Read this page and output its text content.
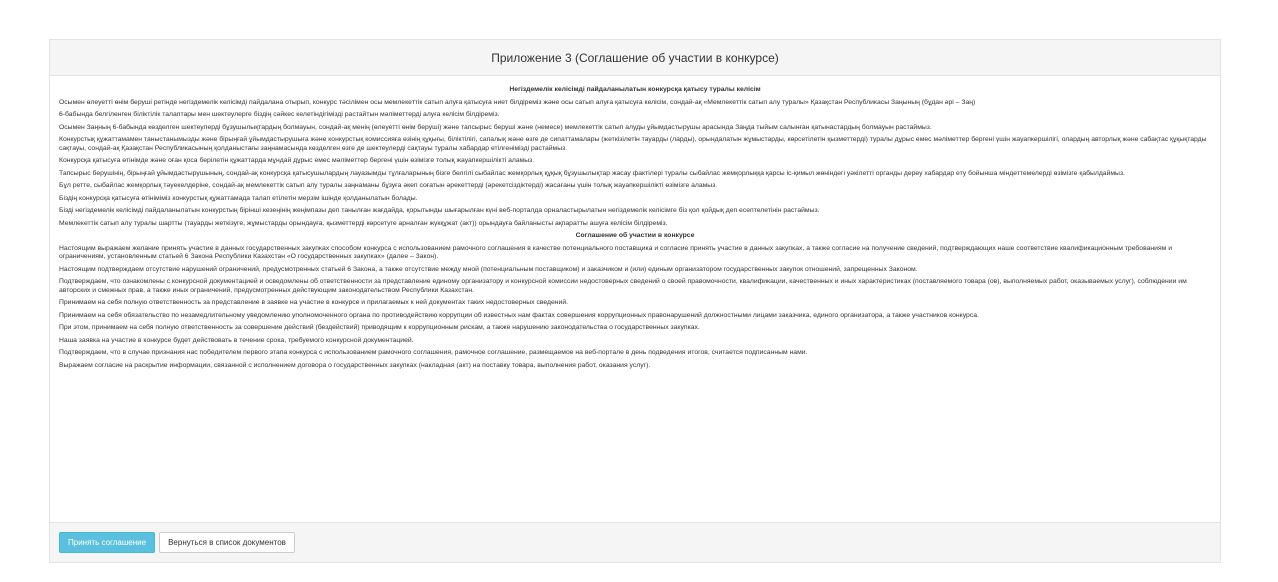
Приложение 3 (Соглашение об участии в конкурсе)
Негіздемелік келісімді пайдаланылатын конкурсқа қатысу туралы келісім
Осымен өлеуетті өнім беруші ретінде негіздемелік келісімді пайдалана отырып, конкурс тәсілімен осы мемлекеттік сатып алуға қатысуға ниет білдіреміз және осы сатып алуға қатысуға келісім, сондай-ақ «Мемлекеттік сатып алу туралы» Қазақстан Республикасы Заңының (бұдан әрі – Заң)
6-бабында белгіленген біліктілік талаптары мен шектеулерге біздің сәйкес келетіндігімізді растайтын мәліметтерді алуға келісім білдіреміз.
Осымен Заңның 6-бабында көзделген шектеулерді бұзушылықтардың болмауын, сондай-ақ менің (өлеуетті өнім берушi) және тапсырыс беруші және (немесе) мемлекеттік сатып алуды ұйымдастырушы арасында Заңда тыйым салынған қатынастардың болмауын растаймыз.
Конкурстық құжаттамамен таныстанымызды және бірыңғай ұйымдастырушыға және конкурстық комиссияға өзінің құқығы, біліктілігі, сапалық және өзге де сипаттамалары (жеткізілетін тауарды (ларды), орындалатын жұмыстарды, көрсетілетін қызметтерді) туралы дұрыс емес мәліметтер бергені үшін жауапкершілігі, олардың авторлық және сабақтас құқықтарды сақтауы, сондай-ақ Қазақстан Республикасының қолданыстағы заңнамасында көзделген өзге де шектеулерді сақтауы туралы хабардар етілгенімізді растаймыз.
Конкурсқа қатысуға өтінімде және оған қоса берілетін құжаттарда мұндай дұрыс емес мәліметтер бергені үшін өзімізге толық жауапкершілікті аламыз.
Тапсырыс берушінің, бірыңғай ұйымдастырушының, сондай-ақ конкурсқа қатысушылардың лауазымды тұлғаларының бізге белгілі сыбайлас жемқорлық құқық бұзушылықтар жасау фактілері туралы сыбайлас жемқорлыққа қарсы іс-қимыл жөніндегі уәкілетті органды дереу хабардар ету бойынша міндеттемелерді өзімізге қабылдаймыз.
Бұл ретте, сыбайлас жемқорлық тәуекелдеріне, сондай-ақ мемлекеттік сатып алу туралы заңнаманы бұзуға әкеп соғатын әрекеттерді (әрекетсіздіктерді) жасағаны үшін толық жауапкершілікті өзімізге аламыз.
Біздің конкурсқа қатысуға өтініміміз конкурстық құжаттамада талап етілетін мерзім ішінде қолданылатын болады.
Бізді негіздемелік келісімді пайдаланылатын конкурстың бірінші кезеңінің жеңімпазы деп танылған жағдайда, қорытынды шығарылған күні веб-порталда орналастырылатын негіздемелік келісімге біз қол қойдық деп есептелетінін растаймыз.
Мемлекеттік сатып алу туралы шартты (тауарды жеткізуге, жұмыстарды орындауға, қызметтерді көрсетуге арналған жүкқұжат (акт)) орындауға байланысты ақпаратты ашуға келісім білдіреміз.
Соглашение об участии в конкурсе
Настоящим выражаем желание принять участие в данных государственных закупках способом конкурса с использованием рамочного соглашения в качестве потенциального поставщика и согласие принять участие в данных закупках, а также согласие на получение сведений, подтверждающих наше соответствие квалификационным требованиям и ограничениям, установленным статьей 6 Закона Республики Казахстан «О государственных закупках» (далее – Закон).
Настоящим подтверждаем отсутствие нарушений ограничений, предусмотренных статьей 6 Закона, а также отсутствие между мной (потенциальным поставщиком) и заказчиком и (или) единым организатором государственных закупок отношений, запрещенных Законом.
Подтверждаем, что ознакомлены с конкурсной документацией и осведомлены об ответственности за представление единому организатору и конкурсной комиссии недостоверных сведений о своей правомочности, квалификации, качественных и иных характеристиках (поставляемого товара (ов), выполняемых работ, оказываемых услуг), соблюдении им авторских и смежных прав, а также иных ограничений, предусмотренных действующим законодательством Республики Казахстан.
Принимаем на себя полную ответственность за представление в заявке на участие в конкурсе и прилагаемых к ней документах таких недостоверных сведений.
Принимаем на себя обязательство по незамедлительному уведомлению уполномоченного органа по противодействию коррупции об известных нам фактах совершения коррупционных правонарушений должностными лицами заказчика, единого организатора, а также участников конкурса.
При этом, принимаем на себя полную ответственность за совершение действий (бездействий) приводящим к коррупционным рискам, а также нарушению законодательства о государственных закупках.
Наша заявка на участие в конкурсе будет действовать в течение срока, требуемого конкурсной документацией.
Подтверждаем, что в случае признания нас победителем первого этапа конкурса с использованием рамочного соглашения, рамочное соглашение, размещаемое на веб-портале в день подведения итогов, считается подписанным нами.
Выражаем согласие на раскрытие информации, связанной с исполнением договора о государственных закупках (накладная (акт) на поставку товара, выполнения работ, оказания услуг).
Принять соглашение	Вернуться в список документов
